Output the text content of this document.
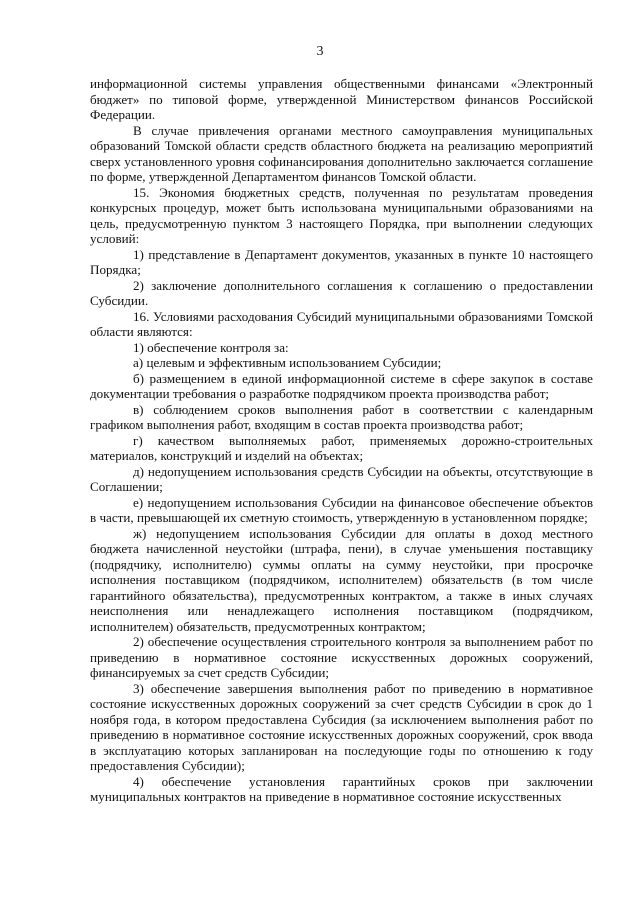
3

информационной системы управления общественными финансами «Электронный бюджет» по типовой форме, утвержденной Министерством финансов Российской Федерации.

В случае привлечения органами местного самоуправления муниципальных образований Томской области средств областного бюджета на реализацию мероприятий сверх установленного уровня софинансирования дополнительно заключается соглашение по форме, утвержденной Департаментом финансов Томской области.

15. Экономия бюджетных средств, полученная по результатам проведения конкурсных процедур, может быть использована муниципальными образованиями на цель, предусмотренную пунктом 3 настоящего Порядка, при выполнении следующих условий:

1) представление в Департамент документов, указанных в пункте 10 настоящего Порядка;

2) заключение дополнительного соглашения к соглашению о предоставлении Субсидии.

16. Условиями расходования Субсидий муниципальными образованиями Томской области являются:

1) обеспечение контроля за:

а) целевым и эффективным использованием Субсидии;

б) размещением в единой информационной системе в сфере закупок в составе документации требования о разработке подрядчиком проекта производства работ;

в) соблюдением сроков выполнения работ в соответствии с календарным графиком выполнения работ, входящим в состав проекта производства работ;

г) качеством выполняемых работ, применяемых дорожно-строительных материалов, конструкций и изделий на объектах;

д) недопущением использования средств Субсидии на объекты, отсутствующие в Соглашении;

е) недопущением использования Субсидии на финансовое обеспечение объектов в части, превышающей их сметную стоимость, утвержденную в установленном порядке;

ж) недопущением использования Субсидии для оплаты в доход местного бюджета начисленной неустойки (штрафа, пени), в случае уменьшения поставщику (подрядчику, исполнителю) суммы оплаты на сумму неустойки, при просрочке исполнения поставщиком (подрядчиком, исполнителем) обязательств (в том числе гарантийного обязательства), предусмотренных контрактом, а также в иных случаях неисполнения или ненадлежащего исполнения поставщиком (подрядчиком, исполнителем) обязательств, предусмотренных контрактом;

2) обеспечение осуществления строительного контроля за выполнением работ по приведению в нормативное состояние искусственных дорожных сооружений, финансируемых за счет средств Субсидии;

3) обеспечение завершения выполнения работ по приведению в нормативное состояние искусственных дорожных сооружений за счет средств Субсидии в срок до 1 ноября года, в котором предоставлена Субсидия (за исключением выполнения работ по приведению в нормативное состояние искусственных дорожных сооружений, срок ввода в эксплуатацию которых запланирован на последующие годы по отношению к году предоставления Субсидии);

4) обеспечение установления гарантийных сроков при заключении муниципальных контрактов на приведение в нормативное состояние искусственных
